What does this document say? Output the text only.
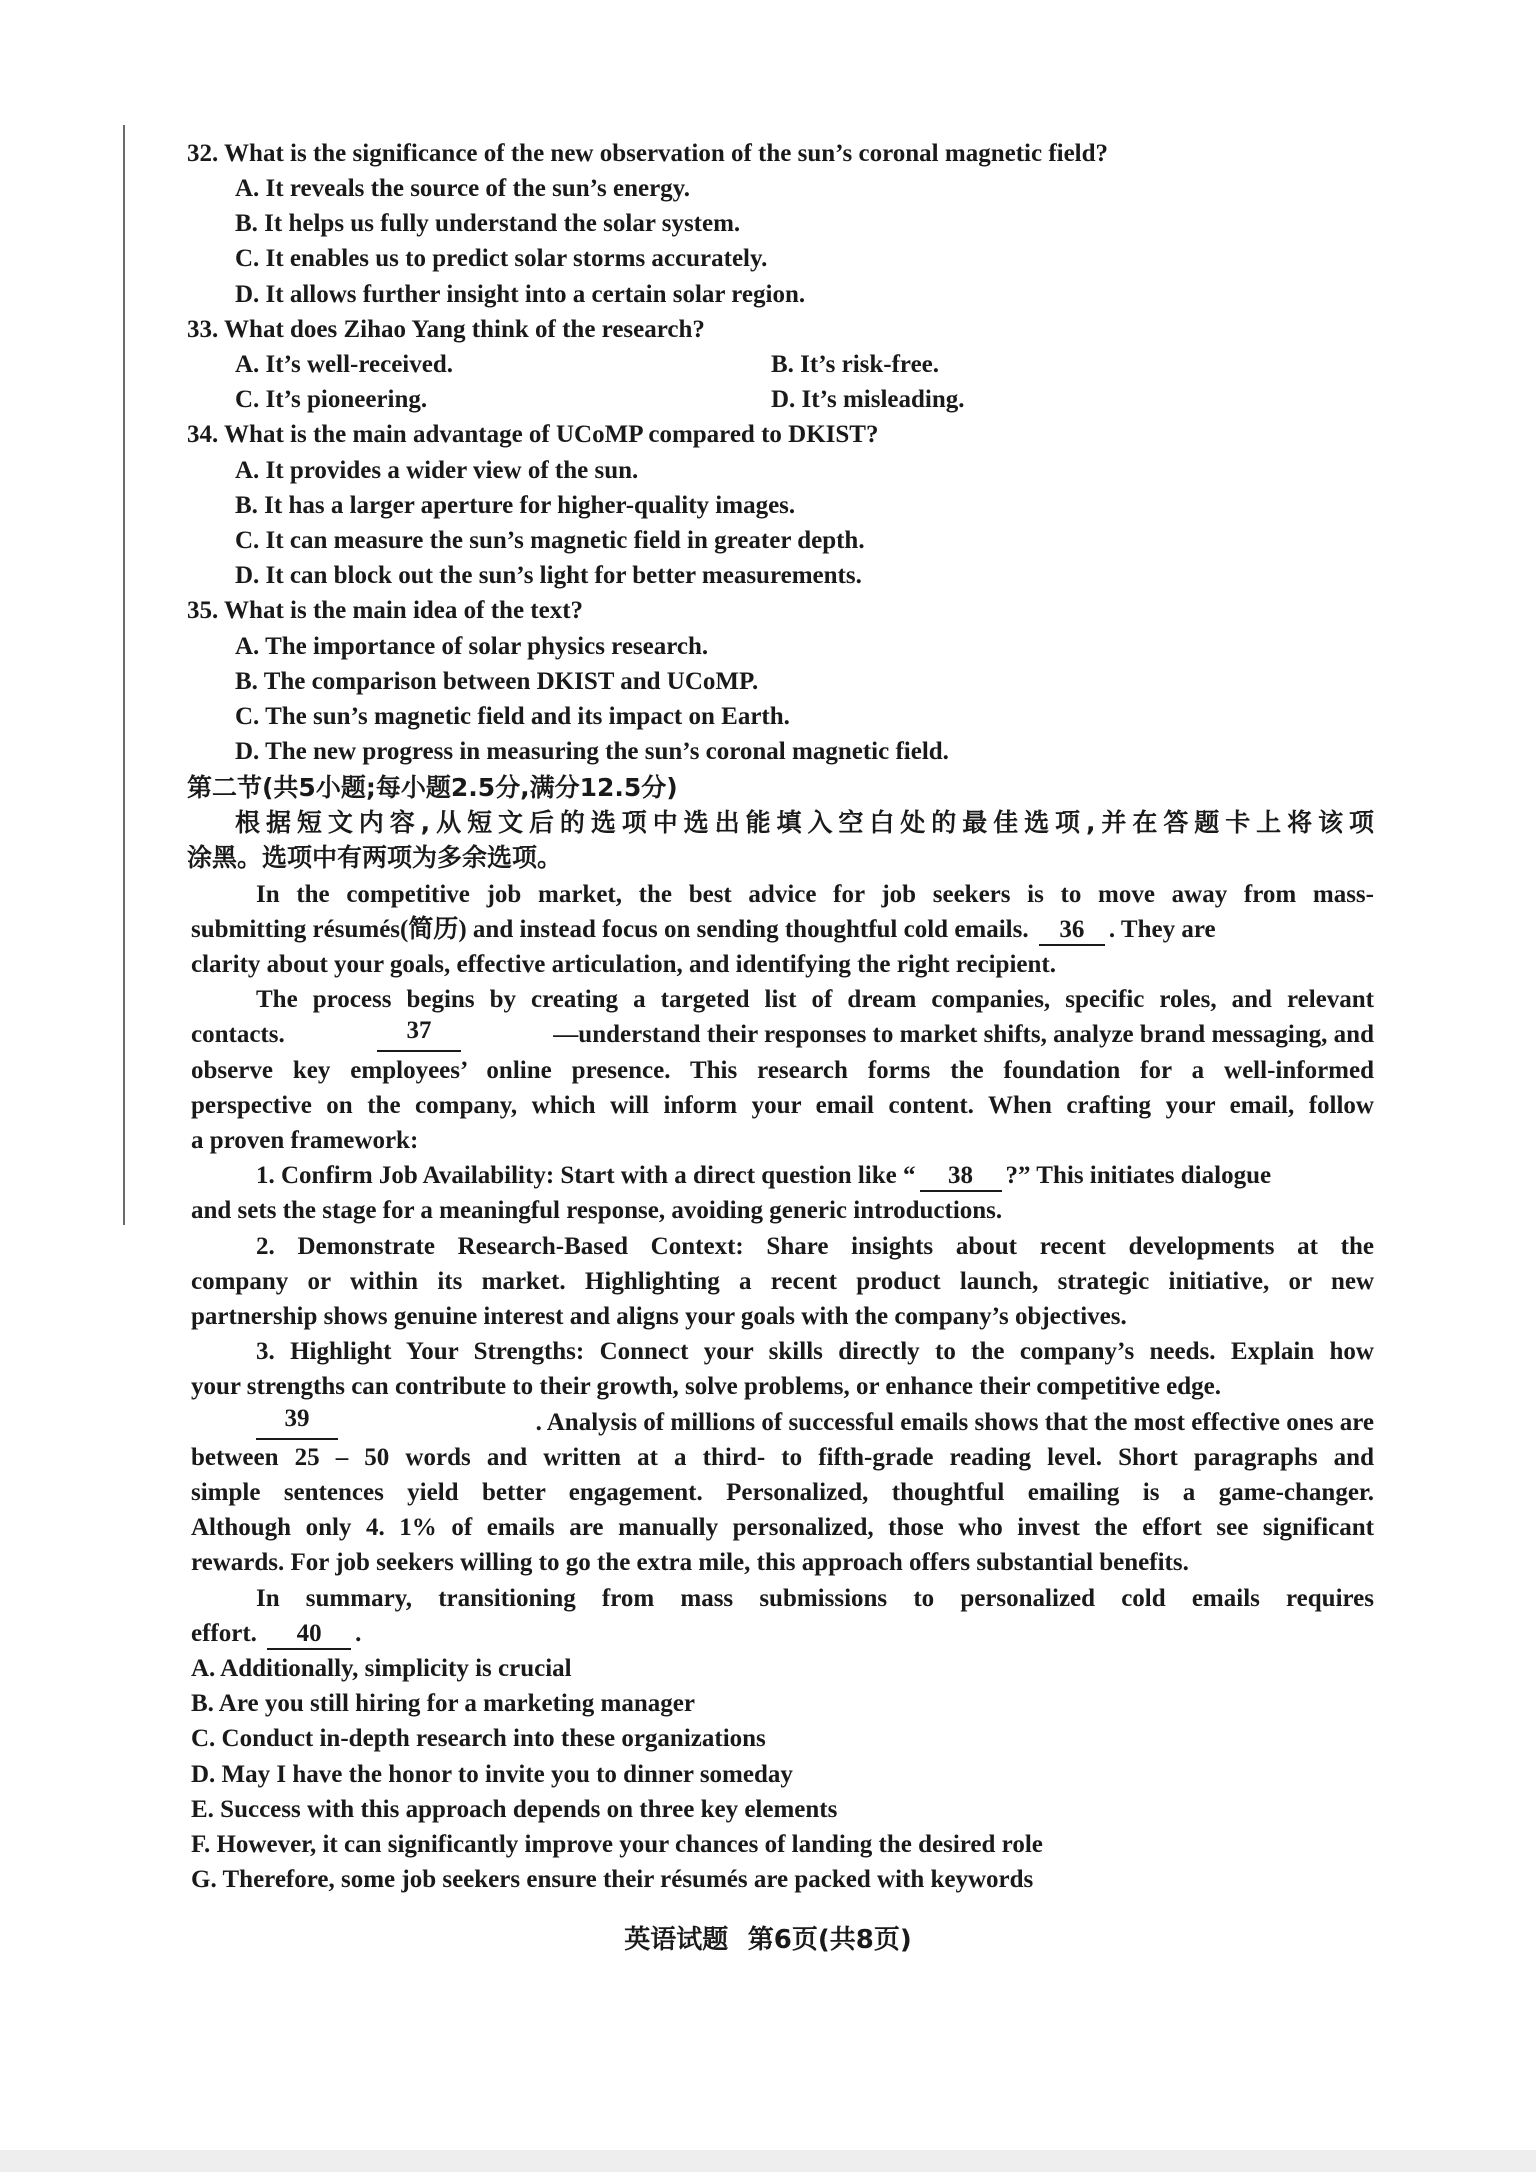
32. What is the significance of the new observation of the sun’s coronal magnetic field?
A. It reveals the source of the sun’s energy.
B. It helps us fully understand the solar system.
C. It enables us to predict solar storms accurately.
D. It allows further insight into a certain solar region.
33. What does Zihao Yang think of the research?
A. It’s well-received.	B. It’s risk-free.
C. It’s pioneering.	D. It’s misleading.
34. What is the main advantage of UCoMP compared to DKIST?
A. It provides a wider view of the sun.
B. It has a larger aperture for higher-quality images.
C. It can measure the sun’s magnetic field in greater depth.
D. It can block out the sun’s light for better measurements.
35. What is the main idea of the text?
A. The importance of solar physics research.
B. The comparison between DKIST and UCoMP.
C. The sun’s magnetic field and its impact on Earth.
D. The new progress in measuring the sun’s coronal magnetic field.
第二节(共5小题;每小题2.5分,满分12.5分)
根据短文内容,从短文后的选项中选出能填入空白处的最佳选项,并在答题卡上将该项
涂黑。选项中有两项为多余选项。
In the competitive job market, the best advice for job seekers is to move away from mass-
submitting résumés(简历) and instead focus on sending thoughtful cold emails. 36 . They are
clarity about your goals, effective articulation, and identifying the right recipient.
The process begins by creating a targeted list of dream companies, specific roles, and relevant
contacts.	37	—understand their responses to market shifts, analyze brand messaging, and
observe key employees’ online presence. This research forms the foundation for a well-informed
perspective on the company, which will inform your email content. When crafting your email, follow
a proven framework:
1. Confirm Job Availability: Start with a direct question like “ 38 ?” This initiates dialogue
and sets the stage for a meaningful response, avoiding generic introductions.
2. Demonstrate Research-Based Context: Share insights about recent developments at the
company or within its market. Highlighting a recent product launch, strategic initiative, or new
partnership shows genuine interest and aligns your goals with the company’s objectives.
3. Highlight Your Strengths: Connect your skills directly to the company’s needs. Explain how
your strengths can contribute to their growth, solve problems, or enhance their competitive edge.
39	. Analysis of millions of successful emails shows that the most effective ones are
between 25 – 50 words and written at a third- to fifth-grade reading level. Short paragraphs and
simple sentences yield better engagement. Personalized, thoughtful emailing is a game-changer.
Although only 4. 1% of emails are manually personalized, those who invest the effort see significant
rewards. For job seekers willing to go the extra mile, this approach offers substantial benefits.
In summary, transitioning from mass submissions to personalized cold emails requires
effort. 40 .
A. Additionally, simplicity is crucial
B. Are you still hiring for a marketing manager
C. Conduct in-depth research into these organizations
D. May I have the honor to invite you to dinner someday
E. Success with this approach depends on three key elements
F. However, it can significantly improve your chances of landing the desired role
G. Therefore, some job seekers ensure their résumés are packed with keywords
英语试题 第6页(共8页)
